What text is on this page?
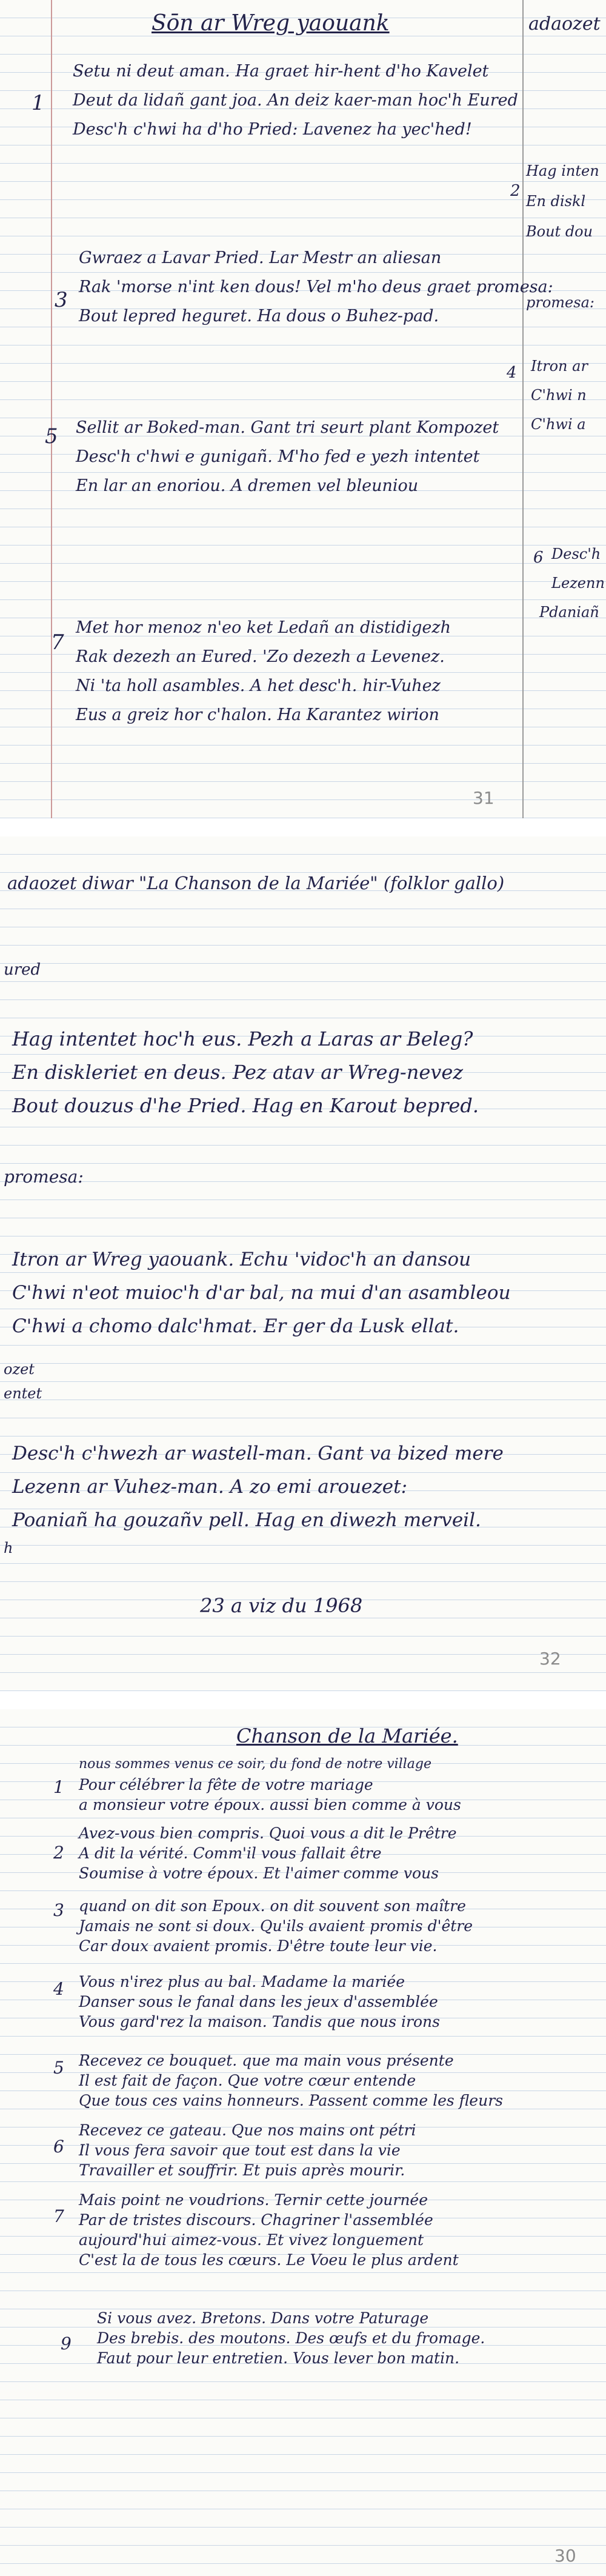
Sōn ar Wreg yaouank	adaozet
1
Setu ni deut aman. Ha graet hir-hent d'ho Kavelet
Deut da lidañ gant joa. An deiz kaer-man hoc'h Eured
Desc'h c'hwi ha d'ho Pried: Lavenez ha yec'hed!
3
Gwraez a Lavar Pried. Lar Mestr an aliesan
Rak 'morse n'int ken dous! Vel m'ho deus graet promesa:
Bout lepred heguret. Ha dous o Buhez-pad.
5 Sellit ar Boked-man. Gant tri seurt plant Kompozet
Desc'h c'hwi e gunigañ. M'ho fed e yezh intentet
En lar an enoriou. A dremen vel bleuniou
7
Met hor menoz n'eo ket Ledañ an distidigezh
Rak dezezh an Eured. 'Zo dezezh a Levenez.
Ni 'ta holl asambles. A het desc'h. hir-Vuhez
Eus a greiz hor c'halon. Ha Karantez wirion
Hag inten
En diskl
Bout dou
promesa:
Itron ar
C'hwi n
C'hwi a
Desc'h
Lezenn
Pdaniañ
2
4
6
31
adaozet diwar "La Chanson de la Mariée" (folklor gallo)
ured
Hag intentet hoc'h eus. Pezh a Laras ar Beleg?
En diskleriet en deus. Pez atav ar Wreg-nevez
Bout douzus d'he Pried. Hag en Karout bepred.
promesa:
Itron ar Wreg yaouank. Echu 'vidoc'h an dansou
C'hwi n'eot muioc'h d'ar bal, na mui d'an asambleou
C'hwi a chomo dalc'hmat. Er ger da Lusk ellat.
ozet
entet
Desc'h c'hwezh ar wastell-man. Gant va bized mere
Lezenn ar Vuhez-man. A zo emi arouezet:
Poaniañ ha gouzañv pell. Hag en diwezh merveil.
h
23 a viz du 1968
32
Chanson de la Mariée.
nous sommes venus ce soir, du fond de notre village
1 Pour célébrer la fête de votre mariage
a monsieur votre époux. aussi bien comme à vous
2
Avez-vous bien compris. Quoi vous a dit le Prêtre
A dit la vérité. Comm'il vous fallait être
Soumise à votre époux. Et l'aimer comme vous
3 quand on dit son Epoux. on dit souvent son maître
Jamais ne sont si doux. Qu'ils avaient promis d'être
Car doux avaient promis. D'être toute leur vie.
4 Vous n'irez plus au bal. Madame la mariée
Danser sous le fanal dans les jeux d'assemblée
Vous gard'rez la maison. Tandis que nous irons
5 Recevez ce bouquet. que ma main vous présente
Il est fait de façon. Que votre cœur entende
Que tous ces vains honneurs. Passent comme les fleurs
6
Recevez ce gateau. Que nos mains ont pétri
Il vous fera savoir que tout est dans la vie
Travailler et souffrir. Et puis après mourir.
7
Mais point ne voudrions. Ternir cette journée
Par de tristes discours. Chagriner l'assemblée
aujourd'hui aimez-vous. Et vivez longuement
C'est la de tous les cœurs. Le Voeu le plus ardent
9
Si vous avez. Bretons. Dans votre Paturage
Des brebis. des moutons. Des œufs et du fromage.
Faut pour leur entretien. Vous lever bon matin.
30
